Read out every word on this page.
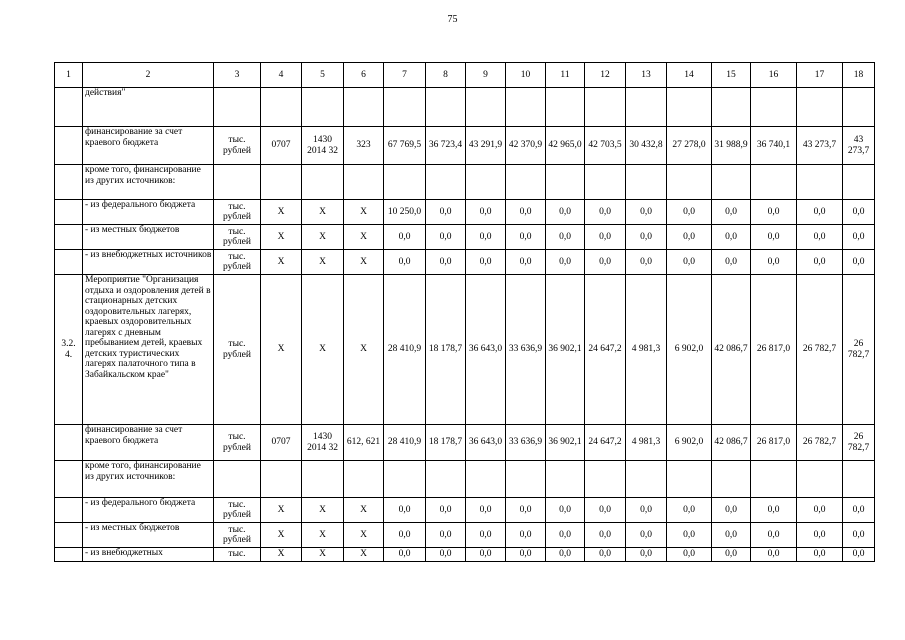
75
1	2	3	4	5	6	7	8	9	10	11	12	13	14	15	16	17	18
	действия"																
	финансирование за счет краевого бюджета	тыс. рублей	0707	1430 2014 32	323	67 769,5	36 723,4	43 291,9	42 370,9	42 965,0	42 703,5	30 432,8	27 278,0	31 988,9	36 740,1	43 273,7	43 273,7
	кроме того, финансирование из других источников:																
	- из федерального бюджета	тыс. рублей	X	X	X	10 250,0	0,0	0,0	0,0	0,0	0,0	0,0	0,0	0,0	0,0	0,0	0,0
	- из местных бюджетов	тыс. рублей	X	X	X	0,0	0,0	0,0	0,0	0,0	0,0	0,0	0,0	0,0	0,0	0,0	0,0
	- из внебюджетных источников	тыс. рублей	X	X	X	0,0	0,0	0,0	0,0	0,0	0,0	0,0	0,0	0,0	0,0	0,0	0,0
3.2. 4.	Мероприятие "Организация отдыха и оздоровления детей в стационарных детских оздоровительных лагерях, краевых оздоровительных лагерях с дневным пребыванием детей, краевых детских туристических лагерях палаточного типа в Забайкальском крае"	тыс. рублей	X	X	X	28 410,9	18 178,7	36 643,0	33 636,9	36 902,1	24 647,2	4 981,3	6 902,0	42 086,7	26 817,0	26 782,7	26 782,7
	финансирование за счет краевого бюджета	тыс. рублей	0707	1430 2014 32	612, 621	28 410,9	18 178,7	36 643,0	33 636,9	36 902,1	24 647,2	4 981,3	6 902,0	42 086,7	26 817,0	26 782,7	26 782,7
	кроме того, финансирование из других источников:																
	- из федерального бюджета	тыс. рублей	X	X	X	0,0	0,0	0,0	0,0	0,0	0,0	0,0	0,0	0,0	0,0	0,0	0,0
	- из местных бюджетов	тыс. рублей	X	X	X	0,0	0,0	0,0	0,0	0,0	0,0	0,0	0,0	0,0	0,0	0,0	0,0
	- из внебюджетных	тыс.	X	X	X	0,0	0,0	0,0	0,0	0,0	0,0	0,0	0,0	0,0	0,0	0,0	0,0
